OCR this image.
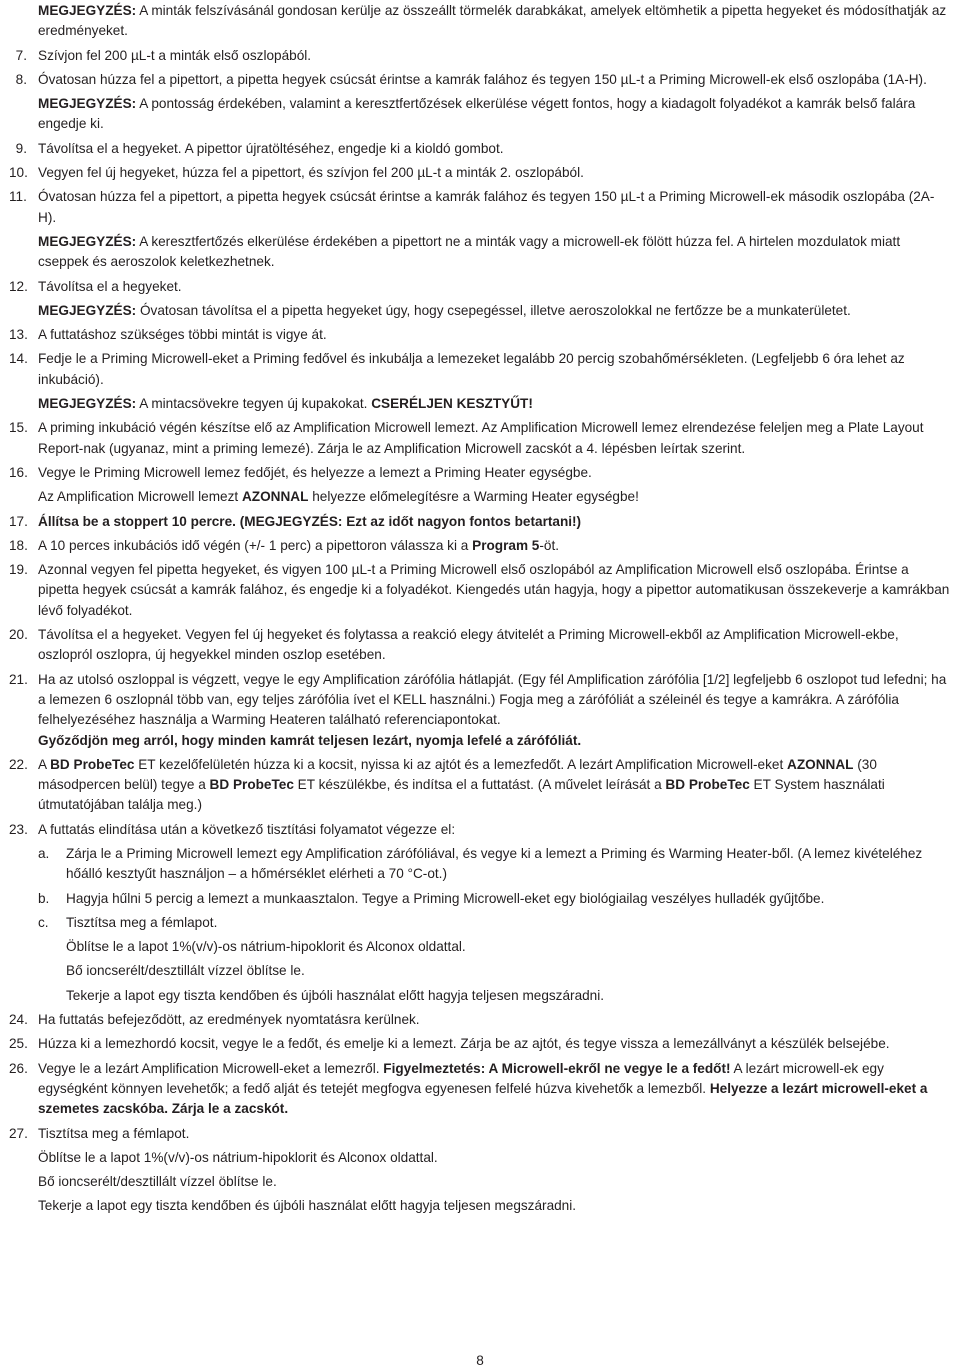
MEGJEGYZÉS: A minták felszívásánál gondosan kerülje az összeállt törmelék darabkákat, amelyek eltömhetik a pipetta hegyeket és módosíthatják az eredményeket.
7. Szívjon fel 200 µL-t a minták első oszlopából.
8. Óvatosan húzza fel a pipettort, a pipetta hegyek csúcsát érintse a kamrák falához és tegyen 150 µL-t a Priming Microwell-ek első oszlopába (1A-H).
MEGJEGYZÉS: A pontosság érdekében, valamint a keresztfertőzések elkerülése végett fontos, hogy a kiadagolt folyadékot a kamrák belső falára engedje ki.
9. Távolítsa el a hegyeket. A pipettor újratöltéséhez, engedje ki a kioldó gombot.
10. Vegyen fel új hegyeket, húzza fel a pipettort, és szívjon fel 200 µL-t a minták 2. oszlopából.
11. Óvatosan húzza fel a pipettort, a pipetta hegyek csúcsát érintse a kamrák falához és tegyen 150 µL-t a Priming Microwell-ek második oszlopába (2A-H).
MEGJEGYZÉS: A keresztfertőzés elkerülése érdekében a pipettort ne a minták vagy a microwell-ek fölött húzza fel. A hirtelen mozdulatok miatt cseppek és aeroszolok keletkezhetnek.
12. Távolítsa el a hegyeket.
MEGJEGYZÉS: Óvatosan távolítsa el a pipetta hegyeket úgy, hogy csepegéssel, illetve aeroszolokkal ne fertőzze be a munkaterületet.
13. A futtatáshoz szükséges többi mintát is vigye át.
14. Fedje le a Priming Microwell-eket a Priming fedővel és inkubálja a lemezeket legalább 20 percig szobahőmérsékleten. (Legfeljebb 6 óra lehet az inkubáció).
MEGJEGYZÉS: A mintacsövekre tegyen új kupakokat. CSERÉLJEN KESZTYŰT!
15. A priming inkubáció végén készítse elő az Amplification Microwell lemezt. Az Amplification Microwell lemez elrendezése feleljen meg a Plate Layout Report-nak (ugyanaz, mint a priming lemezé). Zárja le az Amplification Microwell zacskót a 4. lépésben leírtak szerint.
16. Vegye le Priming Microwell lemez fedőjét, és helyezze a lemezt a Priming Heater egységbe.
Az Amplification Microwell lemezt AZONNAL helyezze előmelegítésre a Warming Heater egységbe!
17. Állítsa be a stoppert 10 percre. (MEGJEGYZÉS: Ezt az időt nagyon fontos betartani!)
18. A 10 perces inkubációs idő végén (+/- 1 perc) a pipettoron válassza ki a Program 5-öt.
19. Azonnal vegyen fel pipetta hegyeket, és vigyen 100 µL-t a Priming Microwell első oszlopából az Amplification Microwell első oszlopába. Érintse a pipetta hegyek csúcsát a kamrák falához, és engedje ki a folyadékot. Kiengedés után hagyja, hogy a pipettor automatikusan összekeverje a kamrákban lévő folyadékot.
20. Távolítsa el a hegyeket. Vegyen fel új hegyeket és folytassa a reakció elegy átvitelét a Priming Microwell-ekből az Amplification Microwell-ekbe, oszlopról oszlopra, új hegyekkel minden oszlop esetében.
21. Ha az utolsó oszloppal is végzett, vegye le egy Amplification zárófólia hátlapját. (Egy fél Amplification zárófólia [1/2] legfeljebb 6 oszlopot tud lefedni; ha a lemezen 6 oszlopnál több van, egy teljes zárófólia ívet el KELL használni.) Fogja meg a zárófóliát a széleinél és tegye a kamrákra. A zárófólia felhelyezéséhez használja a Warming Heateren található referenciapontokat.
Győződjön meg arról, hogy minden kamrát teljesen lezárt, nyomja lefelé a zárófóliát.
22. A BD ProbeTec ET kezelőfelületén húzza ki a kocsit, nyissa ki az ajtót és a lemezfedőt. A lezárt Amplification Microwell-eket AZONNAL (30 másodpercen belül) tegye a BD ProbeTec ET készülékbe, és indítsa el a futtatást. (A művelet leírását a BD ProbeTec ET System használati útmutatójában találja meg.)
23. A futtatás elindítása után a következő tisztítási folyamatot végezze el:
a.	Zárja le a Priming Microwell lemezt egy Amplification zárófóliával, és vegye ki a lemezt a Priming és Warming Heater-ből. (A lemez kivételéhez hőálló kesztyűt használjon – a hőmérséklet elérheti a 70 °C-ot.)
b.	Hagyja hűlni 5 percig a lemezt a munkaasztalon. Tegye a Priming Microwell-eket egy biológiailag veszélyes hulladék gyűjtőbe.
c.	Tisztítsa meg a fémlapot.
Öblítse le a lapot 1%(v/v)-os nátrium-hipoklorit és Alconox oldattal.
Bő ioncserélt/desztillált vízzel öblítse le.
Tekerje a lapot egy tiszta kendőben és újbóli használat előtt hagyja teljesen megszáradni.
24. Ha futtatás befejeződött, az eredmények nyomtatásra kerülnek.
25. Húzza ki a lemezhordó kocsit, vegye le a fedőt, és emelje ki a lemezt. Zárja be az ajtót, és tegye vissza a lemezállványt a készülék belsejébe.
26. Vegye le a lezárt Amplification Microwell-eket a lemezről. Figyelmeztetés: A Microwell-ekről ne vegye le a fedőt! A lezárt microwell-ek egy egységként könnyen levehetők; a fedő alját és tetejét megfogva egyenesen felfelé húzva kivehetők a lemezből. Helyezze a lezárt microwell-eket a szemetes zacskóba. Zárja le a zacskót.
27. Tisztítsa meg a fémlapot.
Öblítse le a lapot 1%(v/v)-os nátrium-hipoklorit és Alconox oldattal.
Bő ioncserélt/desztillált vízzel öblítse le.
Tekerje a lapot egy tiszta kendőben és újbóli használat előtt hagyja teljesen megszáradni.
8
